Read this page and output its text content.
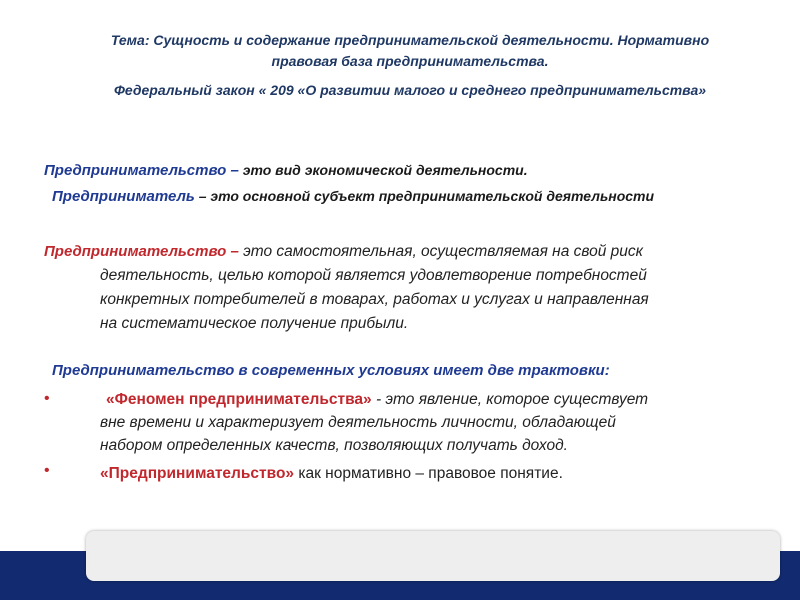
Тема: Сущность и содержание предпринимательской деятельности. Нормативно
правовая база предпринимательства.
Федеральный закон « 209 «О развитии малого и среднего предпринимательства»
Предпринимательство – это вид экономической деятельности.
Предприниматель – это основной субъект предпринимательской деятельности
Предпринимательство – это самостоятельная, осуществляемая на свой риск
деятельность, целью которой является удовлетворение потребностей
конкретных потребителей в товарах, работах и услугах и направленная
на систематическое получение прибыли.
Предпринимательство в современных условиях имеет две трактовки:
•	«Феномен предпринимательства» - это явление, которое существует
вне времени и характеризует деятельность личности, обладающей
набором определенных качеств, позволяющих получать доход.
•	«Предпринимательство» как нормативно – правовое понятие.
